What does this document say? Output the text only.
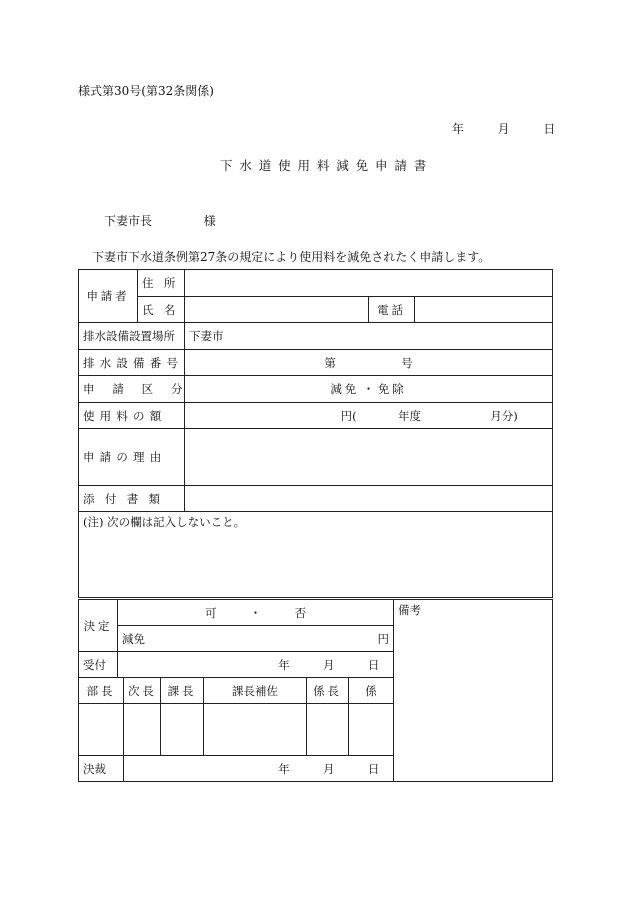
様式第30号(第32条関係)
年	月	日
下水道使用料減免申請書
下妻市長	様
下妻市下水道条例第27条の規定により使用料を減免されたく申請します。
申請者	住所			
	氏名		電話	
排水設備設置場所		下妻市		
排水設備番号		第 号		
申請区分		減免 ・ 免除		
使用料の額		円( 年度 月分)		
申請の理由				
添付書類				
(注) 次の欄は記入しないこと。				
決定	可 ・ 否						備考
	減免 円						

受付	年 月 日						
部長		次長	課長	課長補佐	係長	係	

決裁		年 月 日					
